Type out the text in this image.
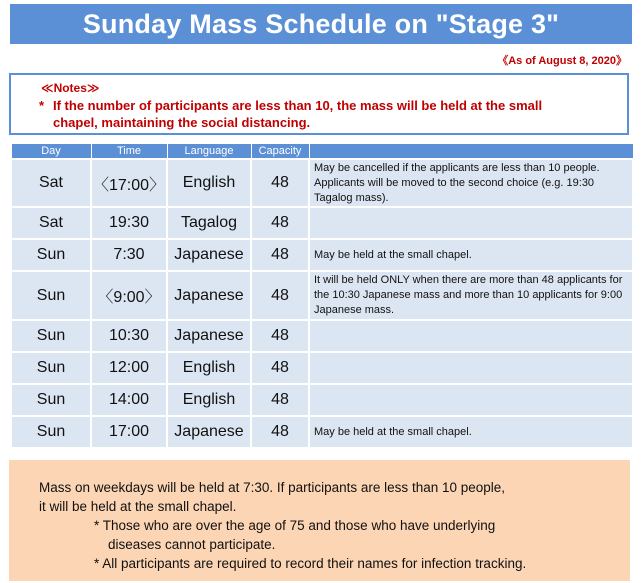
Sunday Mass Schedule on "Stage 3"
《As of August 8, 2020》
≪Notes≫
* If the number of participants are less than 10, the mass will be held at the small chapel, maintaining the social distancing.
Day	Time	Language	Capacity	
Sat	〈17:00〉	English	48	May be cancelled if the applicants are less than 10 people. Applicants will be moved to the second choice (e.g. 19:30 Tagalog mass).
Sat	19:30	Tagalog	48	
Sun	7:30	Japanese	48	May be held at the small chapel.
Sun	〈9:00〉	Japanese	48	It will be held ONLY when there are more than 48 applicants for the 10:30 Japanese mass and more than 10 applicants for 9:00 Japanese mass.
Sun	10:30	Japanese	48	
Sun	12:00	English	48	
Sun	14:00	English	48	
Sun	17:00	Japanese	48	May be held at the small chapel.
Mass on weekdays will be held at 7:30. If participants are less than 10 people,
it will be held at the small chapel.
* Those who are over the age of 75 and those who have underlying
diseases cannot participate.
* All participants are required to record their names for infection tracking.
